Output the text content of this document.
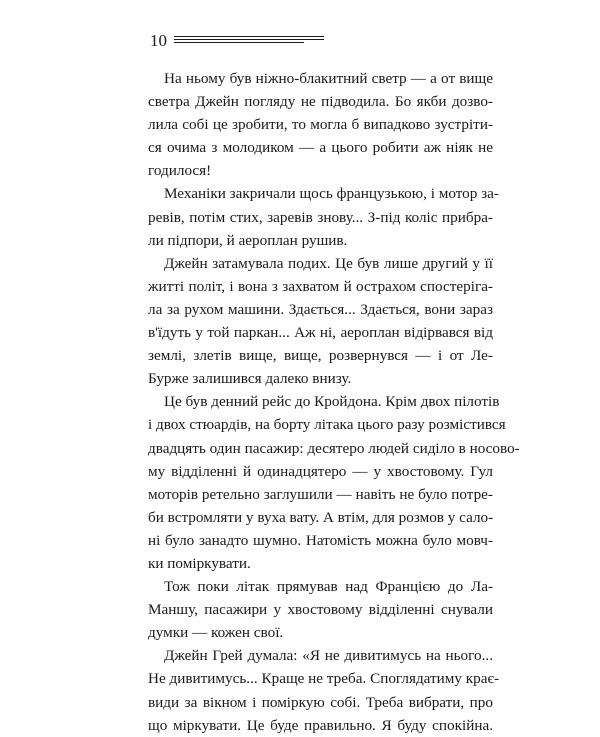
10

На ньому був ніжно-блакитний светр — а от вище
светра Джейн погляду не підводила. Бо якби дозво-
лила собі це зробити, то могла б випадково зустріти-
ся очима з молодиком — а цього робити аж ніяк не
годилося!

Механіки закричали щось французькою, і мотор за-
ревів, потім стих, заревів знову... З-під коліс прибра-
ли підпори, й аероплан рушив.

Джейн затамувала подих. Це був лише другий у її
житті політ, і вона з захватом й острахом спостеріга-
ла за рухом машини. Здається... Здається, вони зараз
в'їдуть у той паркан... Аж ні, аероплан відірвався від
землі, злетів вище, вище, розвернувся — і от Ле-
Бурже залишився далеко внизу.

Це був денний рейс до Кройдона. Крім двох пілотів
і двох стюардів, на борту літака цього разу розмістився
двадцять один пасажир: десятеро людей сиділо в носово-
му відділенні й одинадцятеро — у хвостовому. Гул
моторів ретельно заглушили — навіть не було потре-
би встромляти у вуха вату. А втім, для розмов у сало-
ні було занадто шумно. Натомість можна було мовч-
ки поміркувати.

Тож поки літак прямував над Францією до Ла-
Маншу, пасажири у хвостовому відділенні снували
думки — кожен свої.

Джейн Грей думала: «Я не дивитимусь на нього...
Не дивитимусь... Краще не треба. Споглядатиму крає-
види за вікном і поміркую собі. Треба вибрати, про
що міркувати. Це буде правильно. Я буду спокійна.
